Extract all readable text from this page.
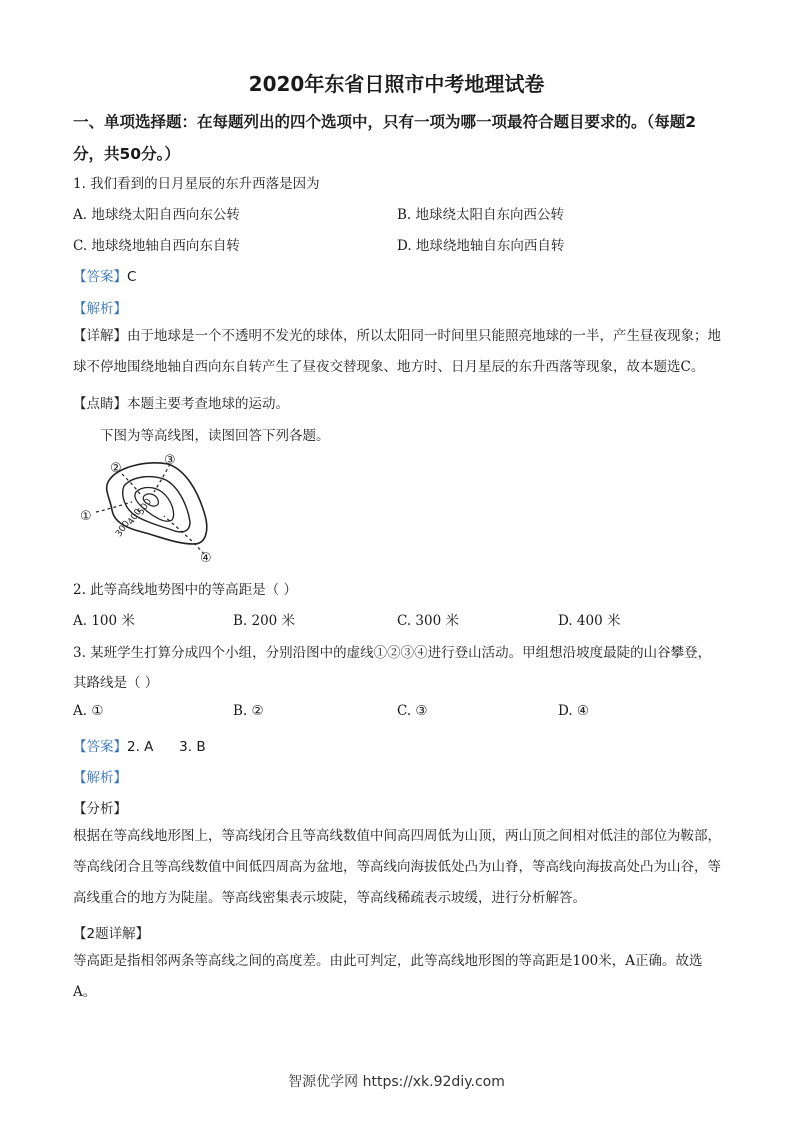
2020年东省日照市中考地理试卷
一、单项选择题：在每题列出的四个选项中，只有一项为哪一项最符合题目要求的。（每题2分，共50分。）
1. 我们看到的日月星辰的东升西落是因为
A. 地球绕太阳自西向东公转	B. 地球绕太阳自东向西公转
C. 地球绕地轴自西向东自转	D. 地球绕地轴自东向西自转
【答案】C
【解析】
【详解】由于地球是一个不透明不发光的球体，所以太阳同一时间里只能照亮地球的一半，产生昼夜现象；地球不停地围绕地轴自西向东自转产生了昼夜交替现象、地方时、日月星辰的东升西落等现象，故本题选C。
【点睛】本题主要考查地球的运动。
下图为等高线图，读图回答下列各题。
①
②
③
④
300
400
500
2. 此等高线地势图中的等高距是（ ）
A. 100 米	B. 200 米	C. 300 米	D. 400 米
3. 某班学生打算分成四个小组，分别沿图中的虚线①②③④进行登山活动。甲组想沿坡度最陡的山谷攀登，
其路线是（ ）
A. ①	B. ②	C. ③	D. ④
【答案】2. A      3. B
【解析】
【分析】
根据在等高线地形图上，等高线闭合且等高线数值中间高四周低为山顶，两山顶之间相对低洼的部位为鞍部，等高线闭合且等高线数值中间低四周高为盆地，等高线向海拔低处凸为山脊，等高线向海拔高处凸为山谷，等高线重合的地方为陡崖。等高线密集表示坡陡，等高线稀疏表示坡缓，进行分析解答。
【2题详解】
等高距是指相邻两条等高线之间的高度差。由此可判定，此等高线地形图的等高距是100米，A正确。故选A。
智源优学网 https://xk.92diy.com
